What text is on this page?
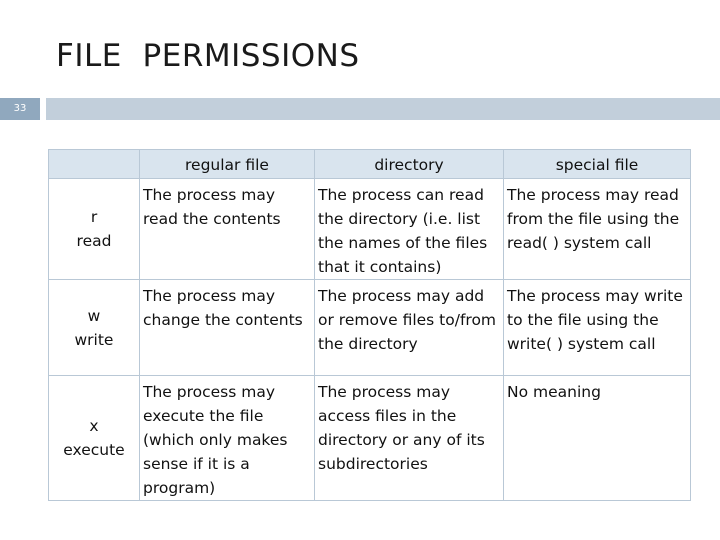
FILE  PERMISSIONS
33
	regular file	directory	special file

r
read	The process may read the contents	The process can read the directory (i.e. list the names of the files that it contains)	The process may read from the file using the read( ) system call

w
write	The process may change the contents	The process may add or remove files to/from the directory	The process may write to the file using the write( ) system call

x
execute	The process may execute the file (which only makes sense if it is a program)	The process may access files in the directory or any of its subdirectories	No meaning
